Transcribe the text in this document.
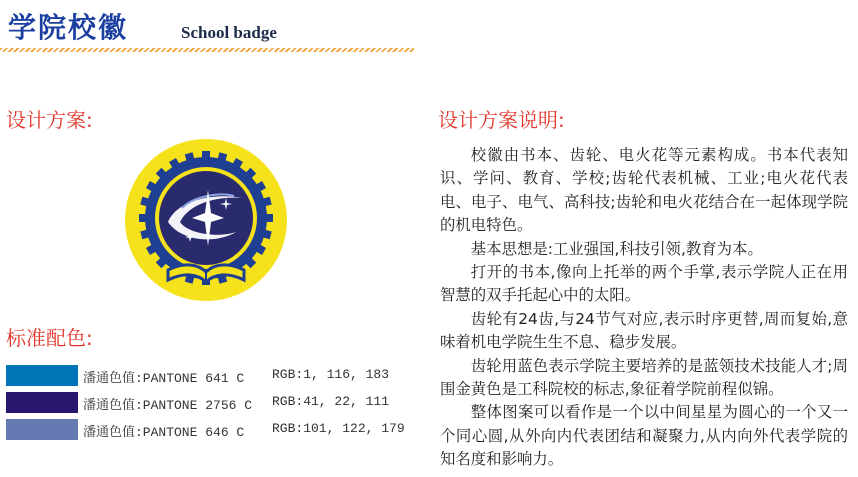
学院校徽	School badge
设计方案:
标准配色:
潘通色值:PANTONE 641 C RGB:1, 116, 183
潘通色值:PANTONE 2756 C RGB:41, 22, 111
潘通色值:PANTONE 646 C RGB:101, 122, 179
设计方案说明:

校徽由书本、齿轮、电火花等元素构成。书本代表知识、学问、教育、学校;齿轮代表机械、工业;电火花代表电、电子、电气、高科技;齿轮和电火花结合在一起体现学院的机电特色。

基本思想是:工业强国,科技引领,教育为本。

打开的书本,像向上托举的两个手掌,表示学院人正在用智慧的双手托起心中的太阳。

齿轮有24齿,与24节气对应,表示时序更替,周而复始,意味着机电学院生生不息、稳步发展。

齿轮用蓝色表示学院主要培养的是蓝领技术技能人才;周围金黄色是工科院校的标志,象征着学院前程似锦。

整体图案可以看作是一个以中间星星为圆心的一个又一个同心圆,从外向内代表团结和凝聚力,从内向外代表学院的知名度和影响力。
